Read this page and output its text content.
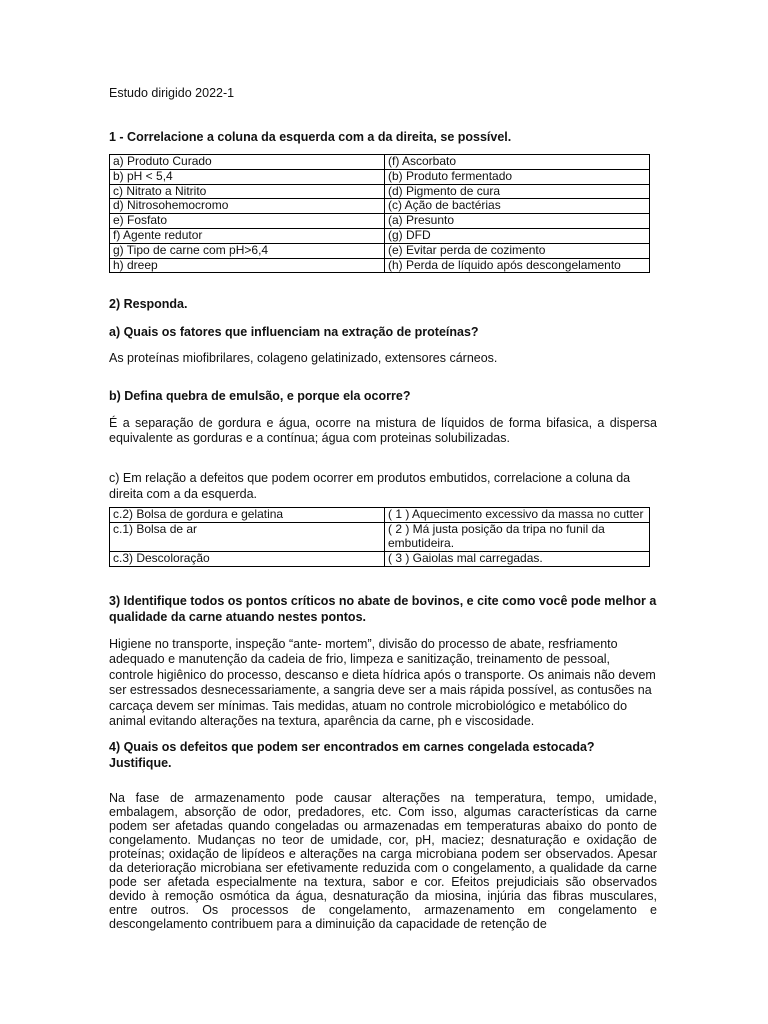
Estudo dirigido 2022-1
1 - Correlacione a coluna da esquerda com a da direita, se possível.
a) Produto Curado	(f) Ascorbato
b) pH < 5,4	(b) Produto fermentado
c) Nitrato a Nitrito	(d) Pigmento de cura
d) Nitrosohemocromo	(c) Ação de bactérias
e) Fosfato	(a) Presunto
f) Agente redutor	(g) DFD
g) Tipo de carne com pH>6,4	(e) Evitar perda de cozimento
h) dreep	(h) Perda de líquido após descongelamento
2) Responda.
a) Quais os fatores que influenciam na extração de proteínas?

As proteínas miofibrilares, colageno gelatinizado, extensores cárneos.

b) Defina quebra de emulsão, e porque ela ocorre?

É a separação de gordura e água, ocorre na mistura de líquidos de forma bifasica, a dispersa equivalente as gorduras e a contínua; água com proteinas solubilizadas.

c) Em relação a defeitos que podem ocorrer em produtos embutidos, correlacione a coluna da direita com a da esquerda.

c.2) Bolsa de gordura e gelatina	( 1 ) Aquecimento excessivo da massa no cutter
c.1) Bolsa de ar	( 2 ) Má justa posição da tripa no funil da embutideira.
c.3) Descoloração	( 3 ) Gaiolas mal carregadas.
3) Identifique todos os pontos críticos no abate de bovinos, e cite como você pode melhor a qualidade da carne atuando nestes pontos.

Higiene no transporte, inspeção “ante- mortem”, divisão do processo de abate, resfriamento adequado e manutenção da cadeia de frio, limpeza e sanitização, treinamento de pessoal, controle higiênico do processo, descanso e dieta hídrica após o transporte. Os animais não devem ser estressados desnecessariamente, a sangria deve ser a mais rápida possível, as contusões na carcaça devem ser mínimas. Tais medidas, atuam no controle microbiológico e metabólico do animal evitando alterações na textura, aparência da carne, ph e viscosidade.

4) Quais os defeitos que podem ser encontrados em carnes congelada estocada? Justifique.

Na fase de armazenamento pode causar alterações na temperatura, tempo, umidade, embalagem, absorção de odor, predadores, etc. Com isso, algumas características da carne podem ser afetadas quando congeladas ou armazenadas em temperaturas abaixo do ponto de congelamento. Mudanças no teor de umidade, cor, pH, maciez; desnaturação e oxidação de proteínas; oxidação de lipídeos e alterações na carga microbiana podem ser observados. Apesar da deterioração microbiana ser efetivamente reduzida com o congelamento, a qualidade da carne pode ser afetada especialmente na textura, sabor e cor. Efeitos prejudiciais são observados devido à remoção osmótica da água, desnaturação da miosina, injúria das fibras musculares, entre outros. Os processos de congelamento, armazenamento em congelamento e descongelamento contribuem para a diminuição da capacidade de retenção de
